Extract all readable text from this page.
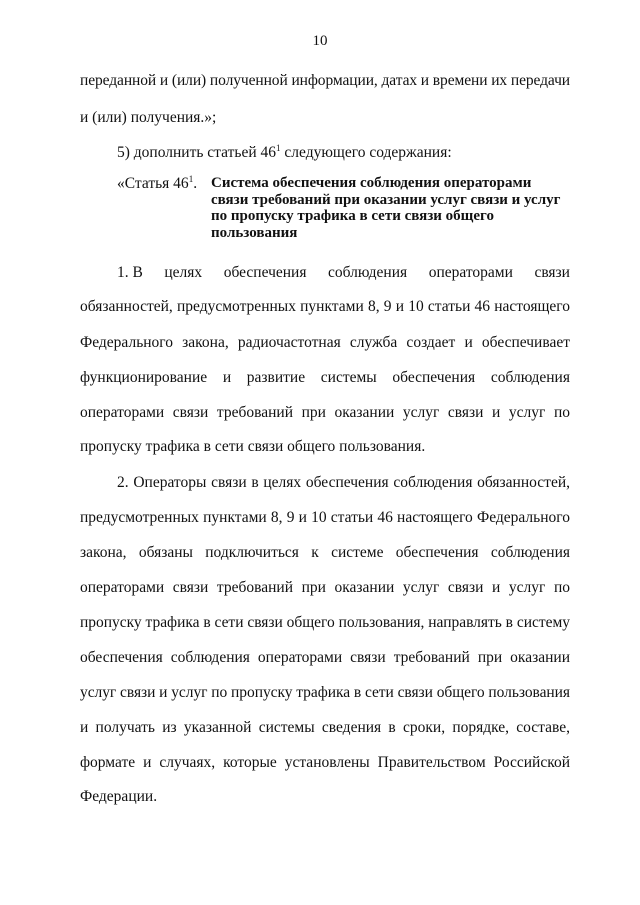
10
переданной и (или) полученной информации, датах и времени их передачи
и (или) получения.»;
5) дополнить статьей $46^1$ следующего содержания:
«Статья $46^1$. Система обеспечения соблюдения операторами связи требований при оказании услуг связи и услуг по пропуску трафика в сети связи общего пользования
1. В целях обеспечения соблюдения операторами связи
обязанностей, предусмотренных пунктами 8, 9 и 10 статьи 46 настоящего
Федерального закона, радиочастотная служба создает и обеспечивает
функционирование и развитие системы обеспечения соблюдения
операторами связи требований при оказании услуг связи и услуг по
пропуску трафика в сети связи общего пользования.
2. Операторы связи в целях обеспечения соблюдения обязанностей,
предусмотренных пунктами 8, 9 и 10 статьи 46 настоящего Федерального
закона, обязаны подключиться к системе обеспечения соблюдения
операторами связи требований при оказании услуг связи и услуг по
пропуску трафика в сети связи общего пользования, направлять в систему
обеспечения соблюдения операторами связи требований при оказании
услуг связи и услуг по пропуску трафика в сети связи общего пользования
и получать из указанной системы сведения в сроки, порядке, составе,
формате и случаях, которые установлены Правительством Российской
Федерации.
